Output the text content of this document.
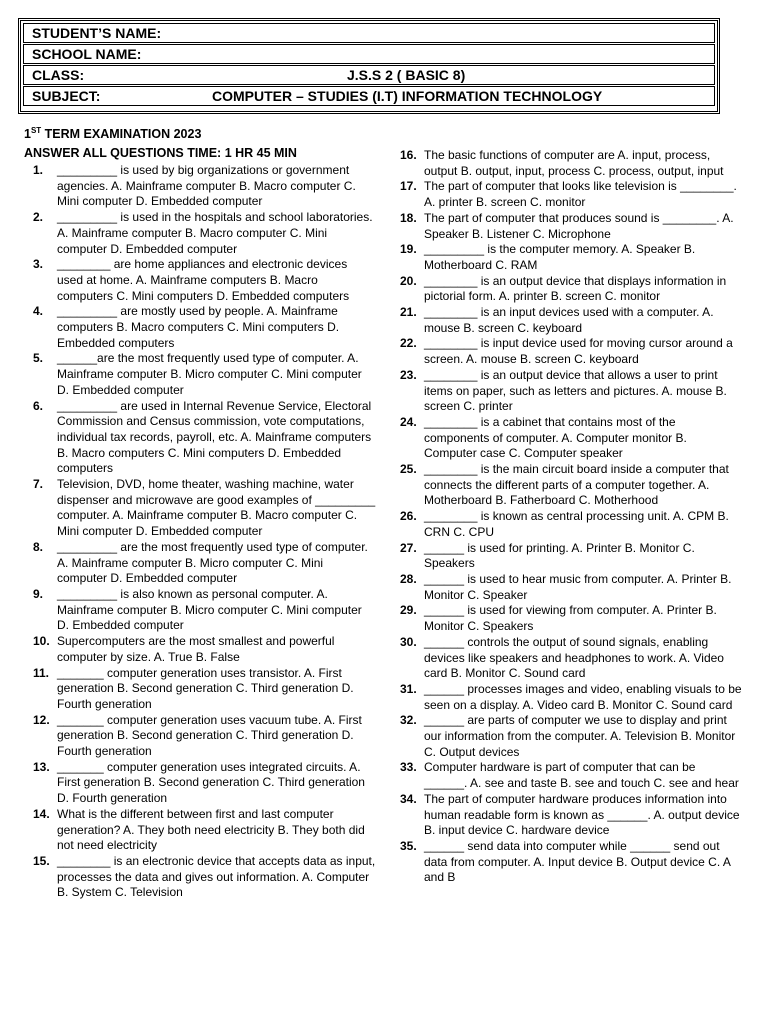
STUDENT’S NAME:
SCHOOL NAME:
CLASS:	J.S.S 2 ( BASIC 8)
SUBJECT:	COMPUTER – STUDIES (I.T) INFORMATION TECHNOLOGY
1ST TERM EXAMINATION 2023
ANSWER ALL QUESTIONS TIME: 1 HR 45 MIN
1. _________ is used by big organizations or government agencies. A. Mainframe computer B. Macro computer C. Mini computer D. Embedded computer
2. _________ is used in the hospitals and school laboratories. A. Mainframe computer B. Macro computer C. Mini computer D. Embedded computer
3. ________ are home appliances and electronic devices used at home. A. Mainframe computers B. Macro computers C. Mini computers D. Embedded computers
4. _________ are mostly used by people. A. Mainframe computers B. Macro computers C. Mini computers D. Embedded computers
5. ______are the most frequently used type of computer. A. Mainframe computer B. Micro computer C. Mini computer D. Embedded computer
6. _________ are used in Internal Revenue Service, Electoral Commission and Census commission, vote computations, individual tax records, payroll, etc. A. Mainframe computers B. Macro computers C. Mini computers D. Embedded computers
7. Television, DVD, home theater, washing machine, water dispenser and microwave are good examples of _________ computer. A. Mainframe computer B. Macro computer C. Mini computer D. Embedded computer
8. _________ are the most frequently used type of computer. A. Mainframe computer B. Micro computer C. Mini computer D. Embedded computer
9. _________ is also known as personal computer. A. Mainframe computer B. Micro computer C. Mini computer D. Embedded computer
10. Supercomputers are the most smallest and powerful computer by size. A. True B. False
11. _______ computer generation uses transistor. A. First generation B. Second generation C. Third generation D. Fourth generation
12. _______ computer generation uses vacuum tube. A. First generation B. Second generation C. Third generation D. Fourth generation
13. _______ computer generation uses integrated circuits. A. First generation B. Second generation C. Third generation D. Fourth generation
14. What is the different between first and last computer generation? A. They both need electricity B. They both did not need electricity
15. ________ is an electronic device that accepts data as input, processes the data and gives out information. A. Computer B. System C. Television
16. The basic functions of computer are A. input, process, output B. output, input, process C. process, output, input
17. The part of computer that looks like television is ________. A. printer B. screen C. monitor
18. The part of computer that produces sound is ________. A. Speaker B. Listener C. Microphone
19. _________ is the computer memory. A. Speaker B. Motherboard C. RAM
20. ________ is an output device that displays information in pictorial form. A. printer B. screen C. monitor
21. ________ is an input devices used with a computer. A. mouse B. screen C. keyboard
22. ________ is input device used for moving cursor around a screen. A. mouse B. screen C. keyboard
23. ________ is an output device that allows a user to print items on paper, such as letters and pictures. A. mouse B. screen C. printer
24. ________ is a cabinet that contains most of the components of computer. A. Computer monitor B. Computer case C. Computer speaker
25. ________ is the main circuit board inside a computer that connects the different parts of a computer together. A. Motherboard B. Fatherboard C. Motherhood
26. ________ is known as central processing unit. A. CPM B. CRN C. CPU
27. ______ is used for printing. A. Printer B. Monitor C. Speakers
28. ______ is used to hear music from computer. A. Printer B. Monitor C. Speaker
29. ______ is used for viewing from computer. A. Printer B. Monitor C. Speakers
30. ______ controls the output of sound signals, enabling devices like speakers and headphones to work. A. Video card B. Monitor C. Sound card
31. ______ processes images and video, enabling visuals to be seen on a display. A. Video card B. Monitor C. Sound card
32. ______ are parts of computer we use to display and print our information from the computer. A. Television B. Monitor C. Output devices
33. Computer hardware is part of computer that can be ______. A. see and taste B. see and touch C. see and hear
34. The part of computer hardware produces information into human readable form is known as ______. A. output device B. input device C. hardware device
35. ______ send data into computer while ______ send out data from computer. A. Input device B. Output device C. A and B
